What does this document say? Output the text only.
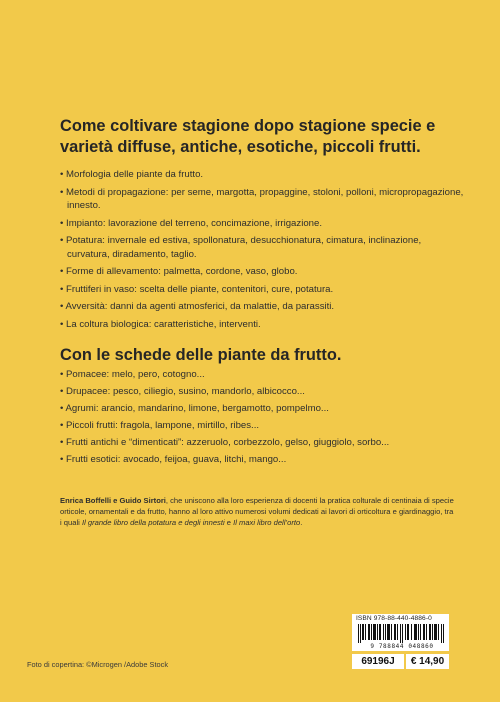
Come coltivare stagione dopo stagione specie e varietà diffuse, antiche, esotiche, piccoli frutti.
• Morfologia delle piante da frutto.
• Metodi di propagazione: per seme, margotta, propaggine, stoloni, polloni, micropropagazione, innesto.
• Impianto: lavorazione del terreno, concimazione, irrigazione.
• Potatura: invernale ed estiva, spollonatura, desucchionatura, cimatura, inclinazione, curvatura, diradamento, taglio.
• Forme di allevamento: palmetta, cordone, vaso, globo.
• Fruttiferi in vaso: scelta delle piante, contenitori, cure, potatura.
• Avversità: danni da agenti atmosferici, da malattie, da parassiti.
• La coltura biologica: caratteristiche, interventi.
Con le schede delle piante da frutto.
• Pomacee: melo, pero, cotogno...
• Drupacee: pesco, ciliegio, susino, mandorlo, albicocco...
• Agrumi: arancio, mandarino, limone, bergamotto, pompelmo...
• Piccoli frutti: fragola, lampone, mirtillo, ribes...
• Frutti antichi e “dimenticati”: azzeruolo, corbezzolo, gelso, giuggiolo, sorbo...
• Frutti esotici: avocado, feijoa, guava, litchi, mango...

Enrica Boffelli e Guido Sirtori, che uniscono alla loro esperienza di docenti la pratica colturale di centinaia di specie orticole, ornamentali e da frutto, hanno al loro attivo numerosi volumi dedicati ai lavori di orticoltura e giardinaggio, tra i quali Il grande libro della potatura e degli innesti e Il maxi libro dell’orto.

Foto di copertina: ©Microgen /Adobe Stock
ISBN 978-88-440-4886-0
9 788844 048860
69196J	€ 14,90
